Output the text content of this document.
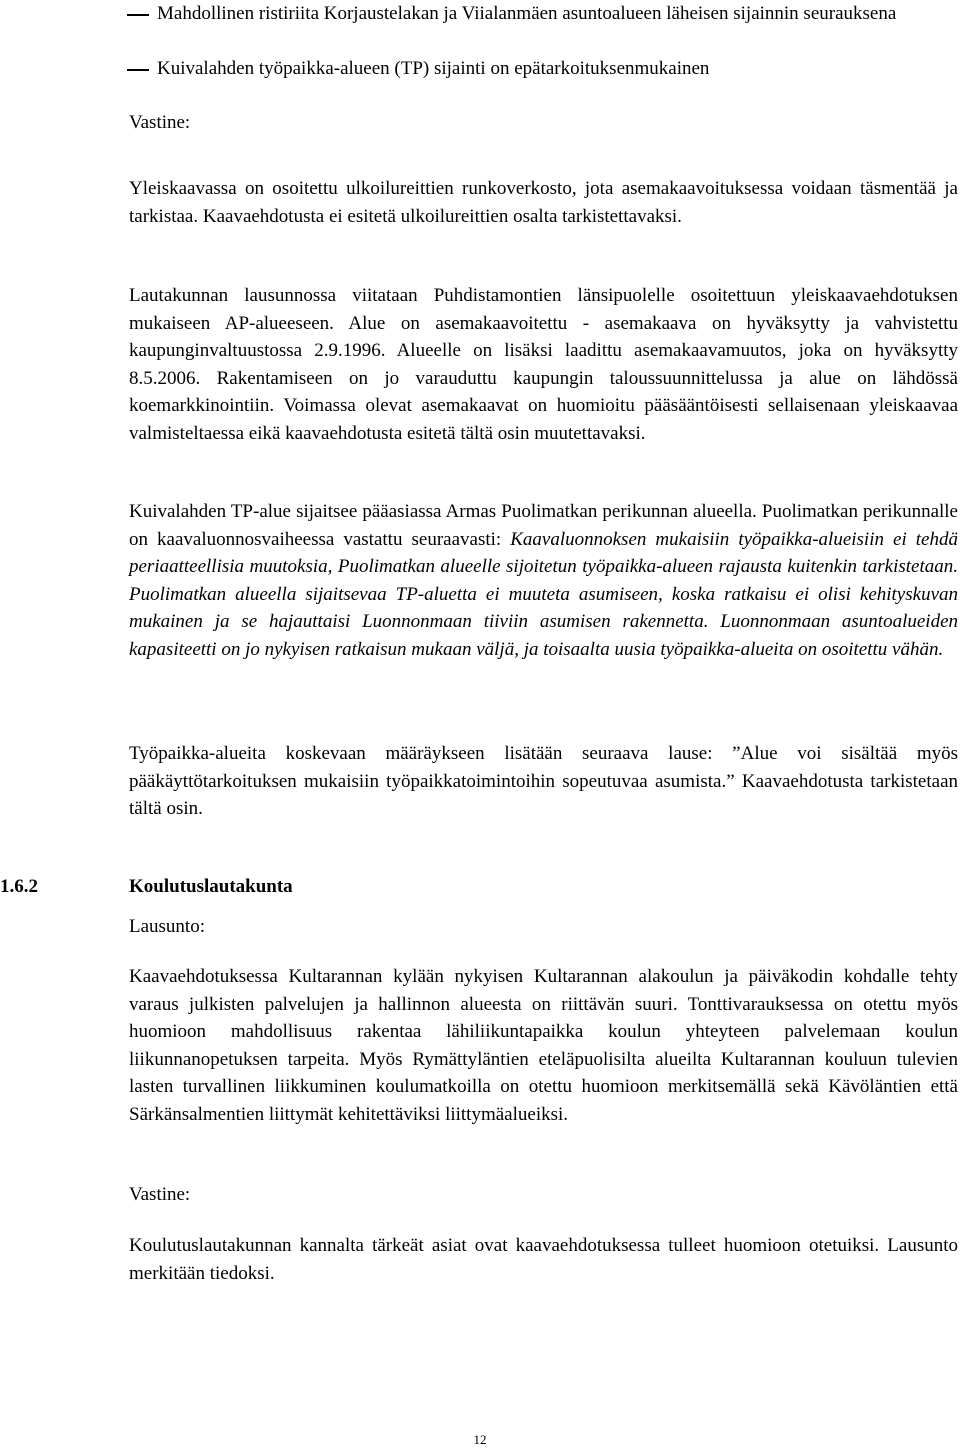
Mahdollinen ristiriita Korjaustelakan ja Viialanmäen asuntoalueen läheisen sijainnin seurauksena
Kuivalahden työpaikka-alueen (TP) sijainti on epätarkoituksenmukainen
Vastine:
Yleiskaavassa on osoitettu ulkoilureittien runkoverkosto, jota asemakaavoituksessa voidaan täsmentää ja tarkistaa. Kaavaehdotusta ei esitetä ulkoilureittien osalta tarkistettavaksi.
Lautakunnan lausunnossa viitataan Puhdistamontien länsipuolelle osoitettuun yleiskaavaehdotuksen mukaiseen AP-alueeseen. Alue on asemakaavoitettu - asemakaava on hyväksytty ja vahvistettu kaupunginvaltuustossa 2.9.1996. Alueelle on lisäksi laadittu asemakaavamuutos, joka on hyväksytty 8.5.2006. Rakentamiseen on jo varauduttu kaupungin taloussuunnittelussa ja alue on lähdössä koemarkkinointiin. Voimassa olevat asemakaavat on huomioitu pääsääntöisesti sellaisenaan yleiskaavaa valmisteltaessa eikä kaavaehdotusta esitetä tältä osin muutettavaksi.
Kuivalahden TP-alue sijaitsee pääasiassa Armas Puolimatkan perikunnan alueella. Puolimatkan perikunnalle on kaavaluonnosvaiheessa vastattu seuraavasti: Kaavaluonnoksen mukaisiin työpaikka-alueisiin ei tehdä periaatteellisia muutoksia, Puolimatkan alueelle sijoitetun työpaikka-alueen rajausta kuitenkin tarkistetaan. Puolimatkan alueella sijaitsevaa TP-aluetta ei muuteta asumiseen, koska ratkaisu ei olisi kehityskuvan mukainen ja se hajauttaisi Luonnonmaan tiiviin asumisen rakennetta. Luonnonmaan asuntoalueiden kapasiteetti on jo nykyisen ratkaisun mukaan väljä, ja toisaalta uusia työpaikka-alueita on osoitettu vähän.
Työpaikka-alueita koskevaan määräykseen lisätään seuraava lause: ”Alue voi sisältää myös pääkäyttötarkoituksen mukaisiin työpaikkatoimintoihin sopeutuvaa asumista.” Kaavaehdotusta tarkistetaan tältä osin.
1.6.2	Koulutuslautakunta
Lausunto:
Kaavaehdotuksessa Kultarannan kylään nykyisen Kultarannan alakoulun ja päiväkodin kohdalle tehty varaus julkisten palvelujen ja hallinnon alueesta on riittävän suuri. Tonttivarauksessa on otettu myös huomioon mahdollisuus rakentaa lähiliikuntapaikka koulun yhteyteen palvelemaan koulun liikunnanopetuksen tarpeita. Myös Rymättyläntien eteläpuolisilta alueilta Kultarannan kouluun tulevien lasten turvallinen liikkuminen koulumatkoilla on otettu huomioon merkitsemällä sekä Kävöläntien että Särkänsalmentien liittymät kehitettäviksi liittymäalueiksi.
Vastine:
Koulutuslautakunnan kannalta tärkeät asiat ovat kaavaehdotuksessa tulleet huomioon otetuiksi. Lausunto merkitään tiedoksi.
12
